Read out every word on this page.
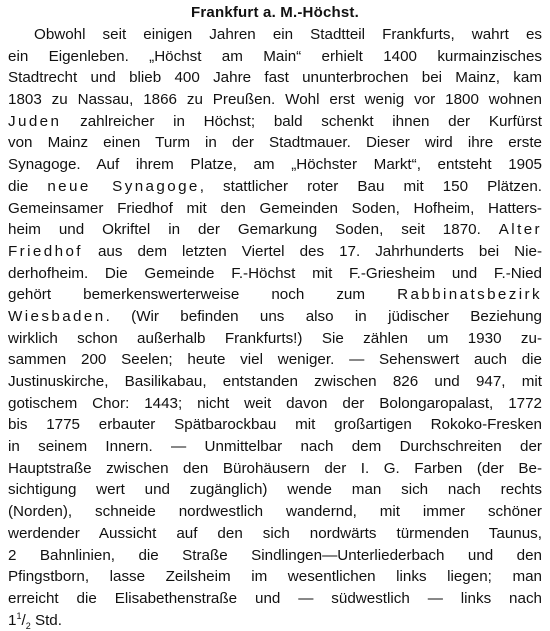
Frankfurt a. M.-Höchst.
Obwohl seit einigen Jahren ein Stadtteil Frankfurts, wahrt es
ein Eigenleben. „Höchst am Main“ erhielt 1400 kurmainzisches
Stadtrecht und blieb 400 Jahre fast ununterbrochen bei Mainz, kam
1803 zu Nassau, 1866 zu Preußen. Wohl erst wenig vor 1800 wohnen
Juden zahlreicher in Höchst; bald schenkt ihnen der Kurfürst
von Mainz einen Turm in der Stadtmauer. Dieser wird ihre erste
Synagoge. Auf ihrem Platze, am „Höchster Markt“, entsteht 1905
die neue Synagoge, stattlicher roter Bau mit 150 Plätzen.
Gemeinsamer Friedhof mit den Gemeinden Soden, Hofheim, Hatters-
heim und Okriftel in der Gemarkung Soden, seit 1870. Alter
Friedhof aus dem letzten Viertel des 17. Jahrhunderts bei Nie-
derhofheim. Die Gemeinde F.-Höchst mit F.-Griesheim und F.-Nied
gehört bemerkenswerterweise noch zum Rabbinatsbezirk
Wiesbaden. (Wir befinden uns also in jüdischer Beziehung
wirklich schon außerhalb Frankfurts!) Sie zählen um 1930 zu-
sammen 200 Seelen; heute viel weniger. — Sehenswert auch die
Justinuskirche, Basilikabau, entstanden zwischen 826 und 947, mit
gotischem Chor: 1443; nicht weit davon der Bolongaropalast, 1772
bis 1775 erbauter Spätbarockbau mit großartigen Rokoko-Fresken
in seinem Innern. — Unmittelbar nach dem Durchschreiten der
Hauptstraße zwischen den Bürohäusern der I. G. Farben (der Be-
sichtigung wert und zugänglich) wende man sich nach rechts
(Norden), schneide nordwestlich wandernd, mit immer schöner
werdender Aussicht auf den sich nordwärts türmenden Taunus,
2 Bahnlinien, die Straße Sindlingen—Unterliederbach und den
Pfingstborn, lasse Zeilsheim im wesentlichen links liegen; man
erreicht die Elisabethenstraße und — südwestlich — links nach
$1^1/_2$ Std.
